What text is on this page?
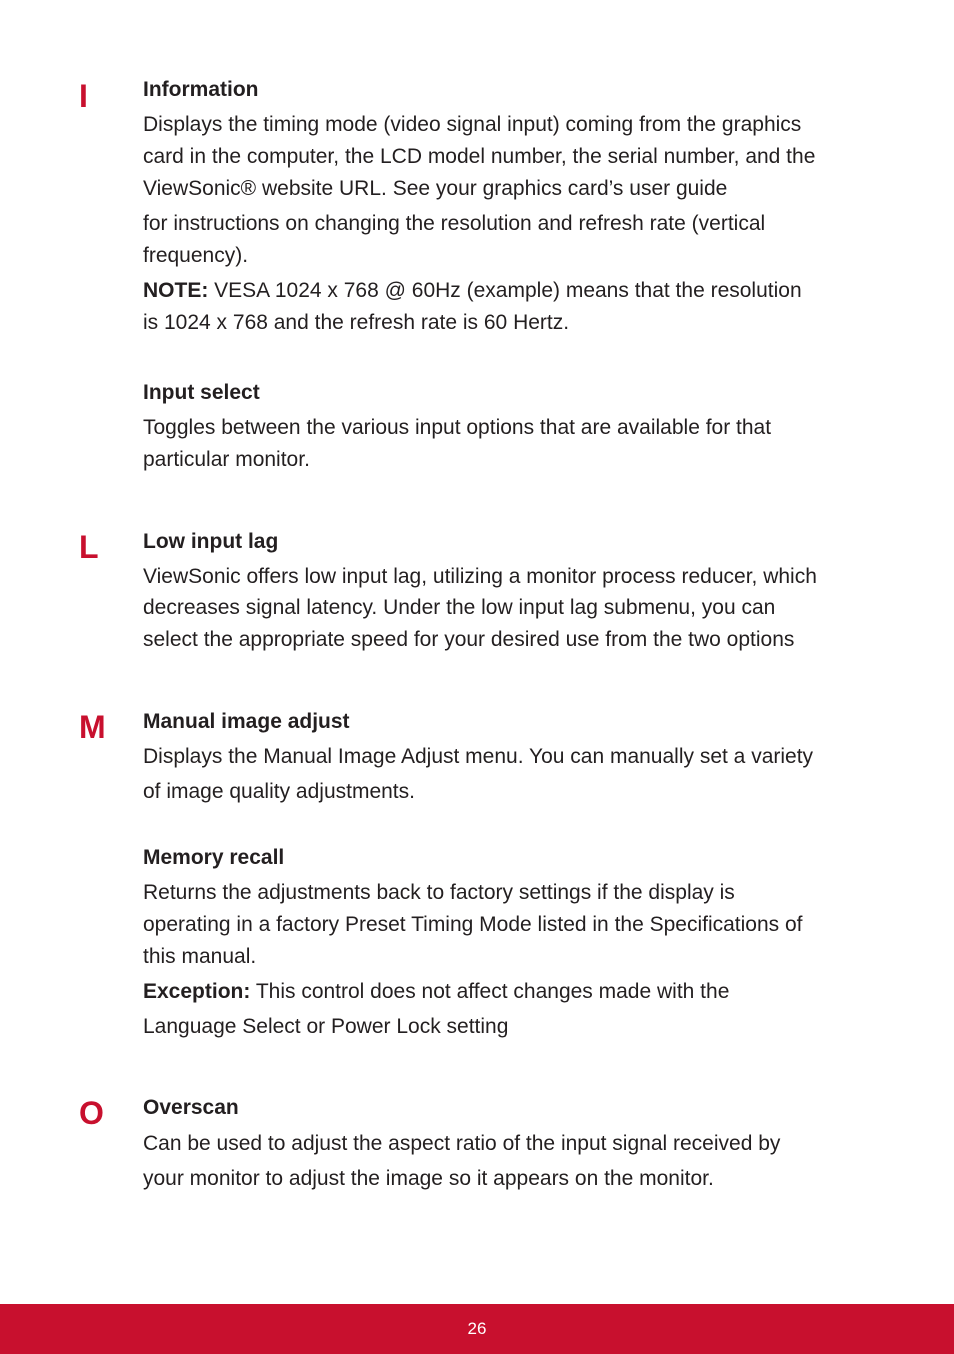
I	Information
Displays the timing mode (video signal input) coming from the graphics
card in the computer, the LCD model number, the serial number, and the
ViewSonic® website URL. See your graphics card’s user guide
for instructions on changing the resolution and refresh rate (vertical
frequency).
NOTE: VESA 1024 x 768 @ 60Hz (example) means that the resolution
is 1024 x 768 and the refresh rate is 60 Hertz.
Input select
Toggles between the various input options that are available for that
particular monitor.
L Low input lag
ViewSonic offers low input lag, utilizing a monitor process reducer, which
decreases signal latency. Under the low input lag submenu, you can
select the appropriate speed for your desired use from the two options
M Manual image adjust
Displays the Manual Image Adjust menu. You can manually set a variety
of image quality adjustments.
Memory recall
Returns the adjustments back to factory settings if the display is
operating in a factory Preset Timing Mode listed in the Specifications of
this manual.
Exception: This control does not affect changes made with the
Language Select or Power Lock setting
O Overscan
Can be used to adjust the aspect ratio of the input signal received by
your monitor to adjust the image so it appears on the monitor.
26
